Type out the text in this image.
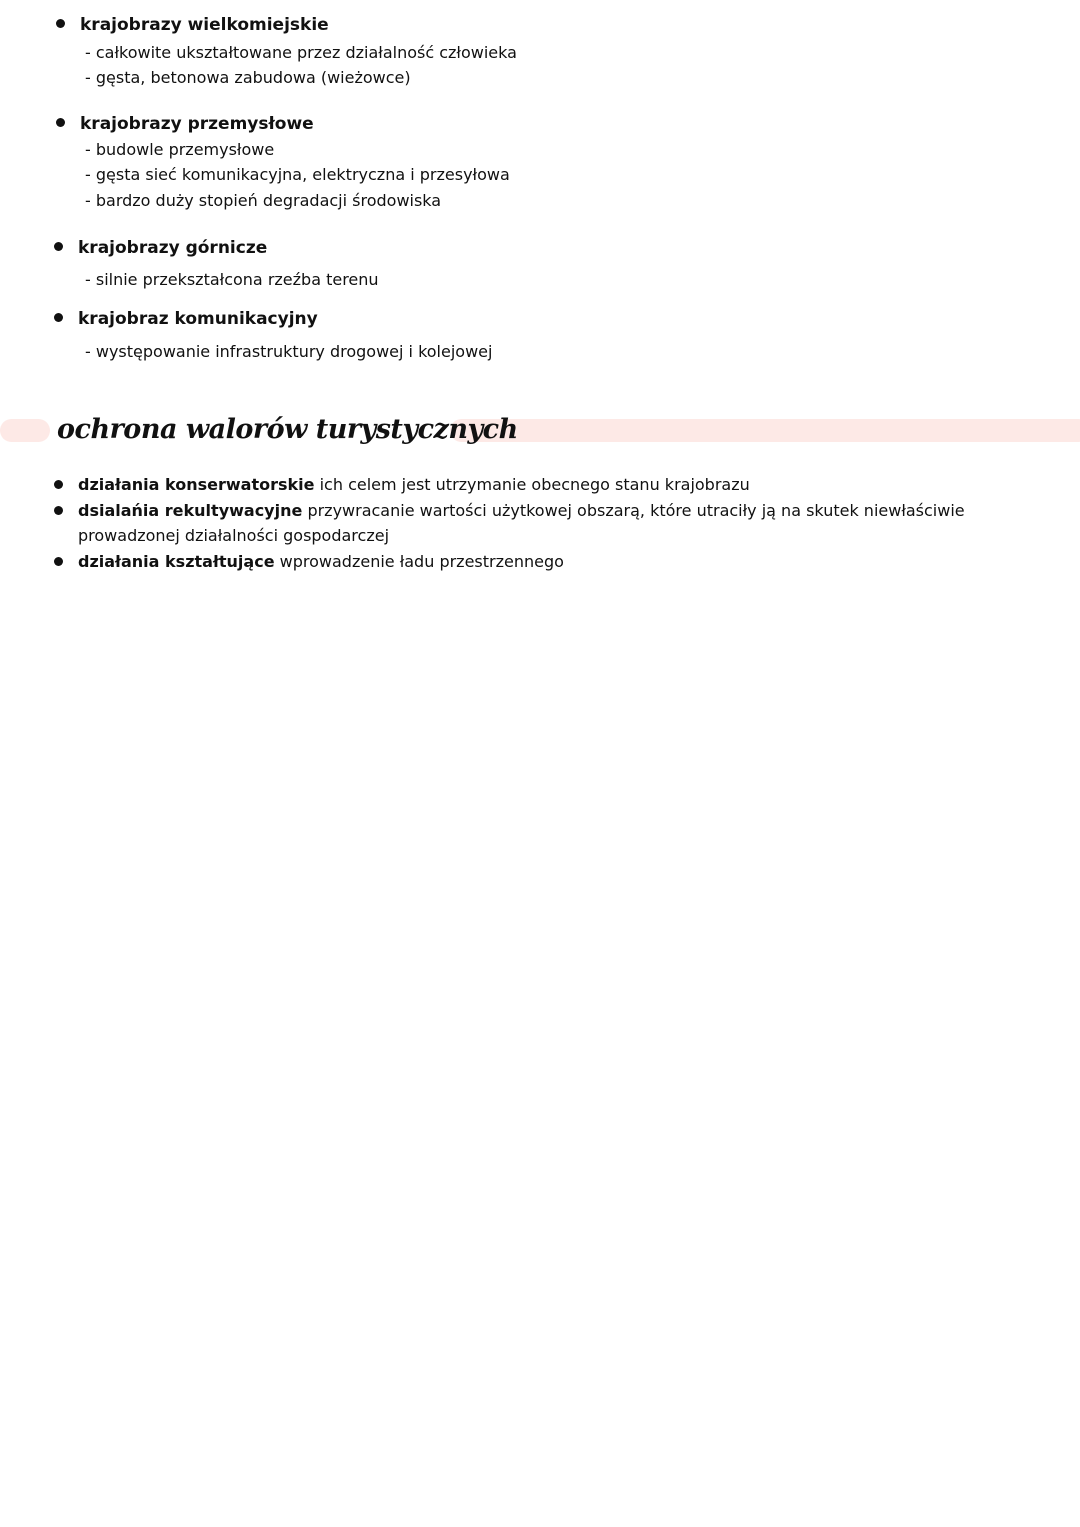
krajobrazy wielkomiejskie
- całkowite ukształtowane przez działalność człowieka
- gęsta, betonowa zabudowa (wieżowce)
krajobrazy przemysłowe
- budowle przemysłowe
- gęsta sieć komunikacyjna, elektryczna i przesyłowa
- bardzo duży stopień degradacji środowiska
krajobrazy górnicze
- silnie przekształcona rzeźba terenu
krajobraz komunikacyjny
- występowanie infrastruktury drogowej i kolejowej
ochrona walorów turystycznych
działania konserwatorskie ich celem jest utrzymanie obecnego stanu krajobrazu
dsialańia rekultywacyjne przywracanie wartości użytkowej obszarą, które utraciły ją na skutek niewłaściwie
prowadzonej działalności gospodarczej
działania kształtujące wprowadzenie ładu przestrzennego
